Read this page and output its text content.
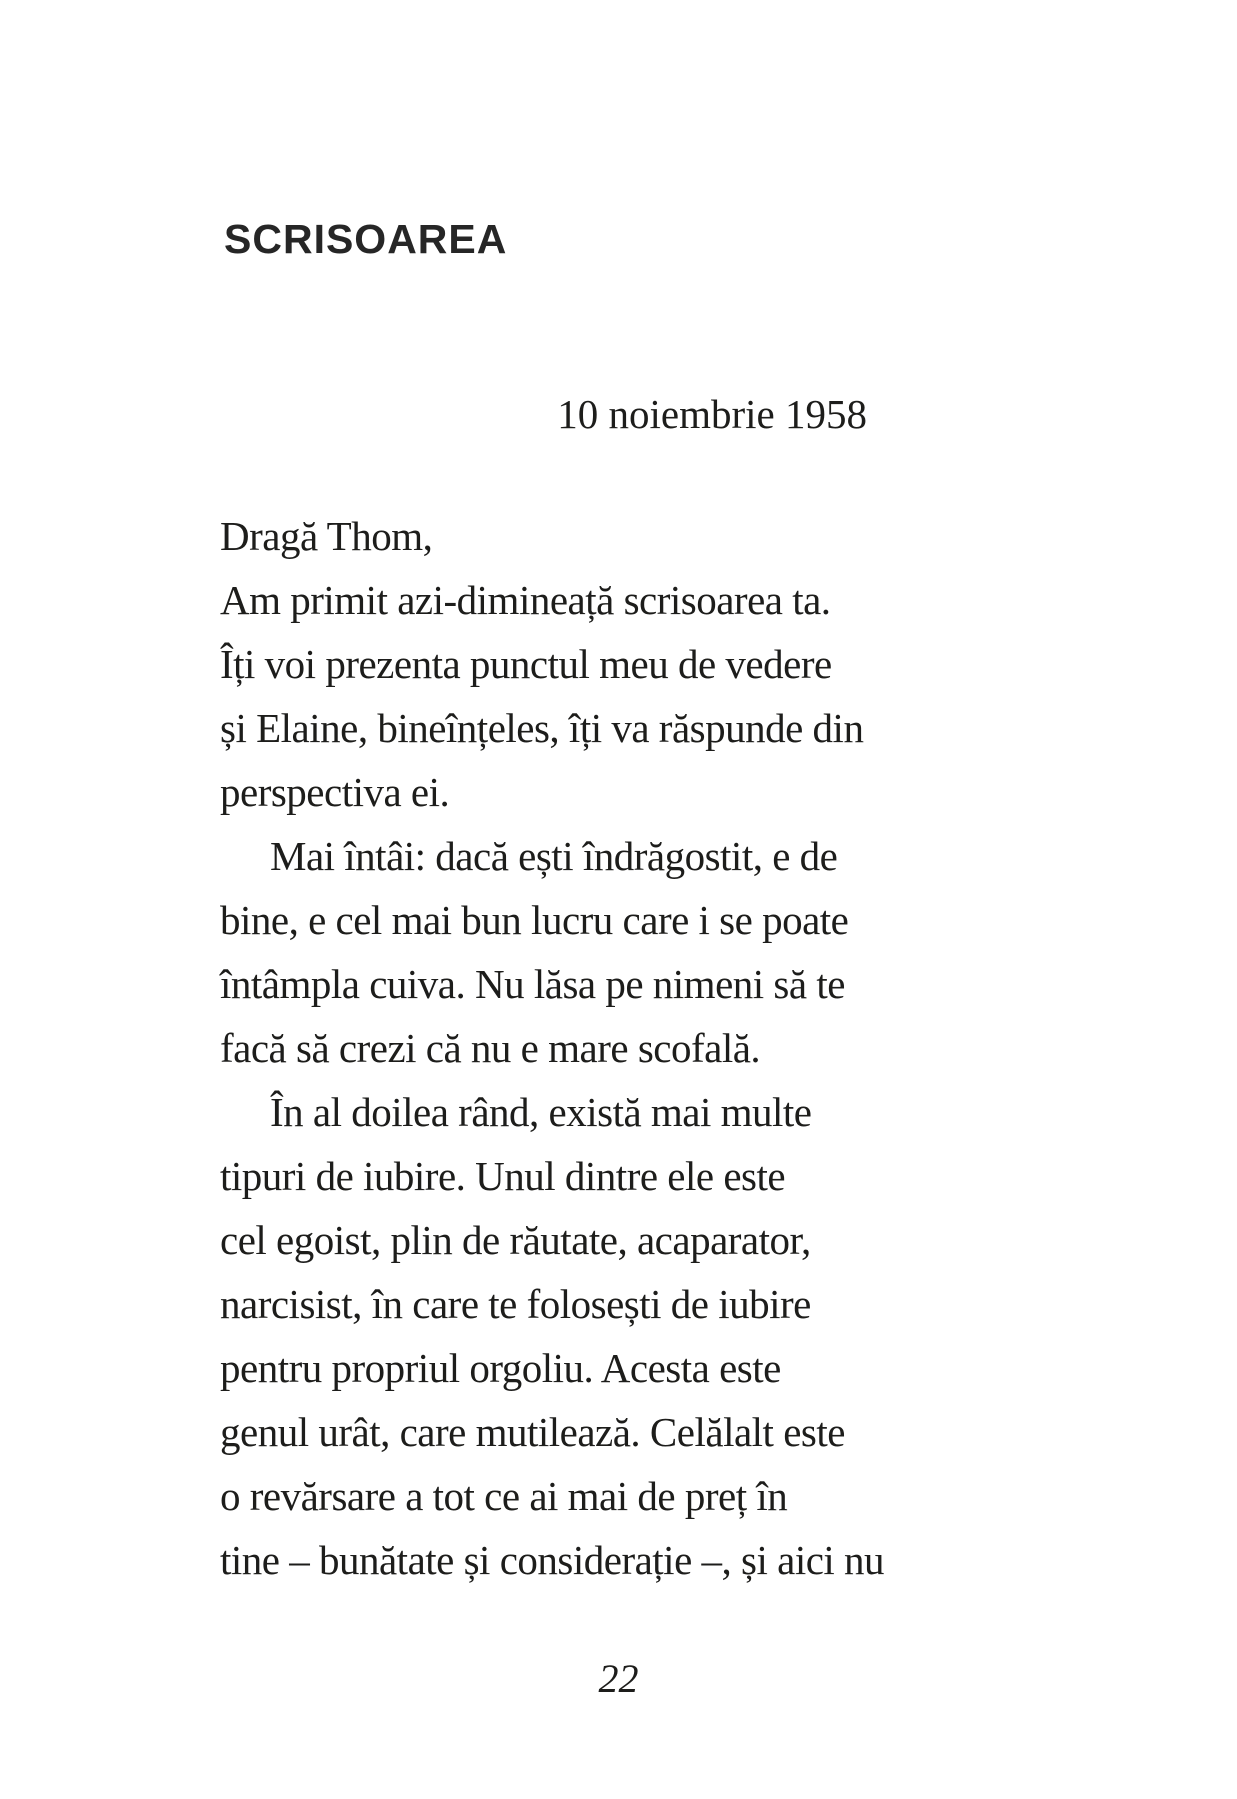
SCRISOAREA
10 noiembrie 1958
Dragă Thom,
Am primit azi-dimineață scrisoarea ta.
Îți voi prezenta punctul meu de vedere
și Elaine, bineînțeles, îți va răspunde din
perspectiva ei.
Mai întâi: dacă ești îndrăgostit, e de
bine, e cel mai bun lucru care i se poate
întâmpla cuiva. Nu lăsa pe nimeni să te
facă să crezi că nu e mare scofală.
În al doilea rând, există mai multe
tipuri de iubire. Unul dintre ele este
cel egoist, plin de răutate, acaparator,
narcisist, în care te folosești de iubire
pentru propriul orgoliu. Acesta este
genul urât, care mutilează. Celălalt este
o revărsare a tot ce ai mai de preț în
tine – bunătate și considerație –, și aici nu
22
